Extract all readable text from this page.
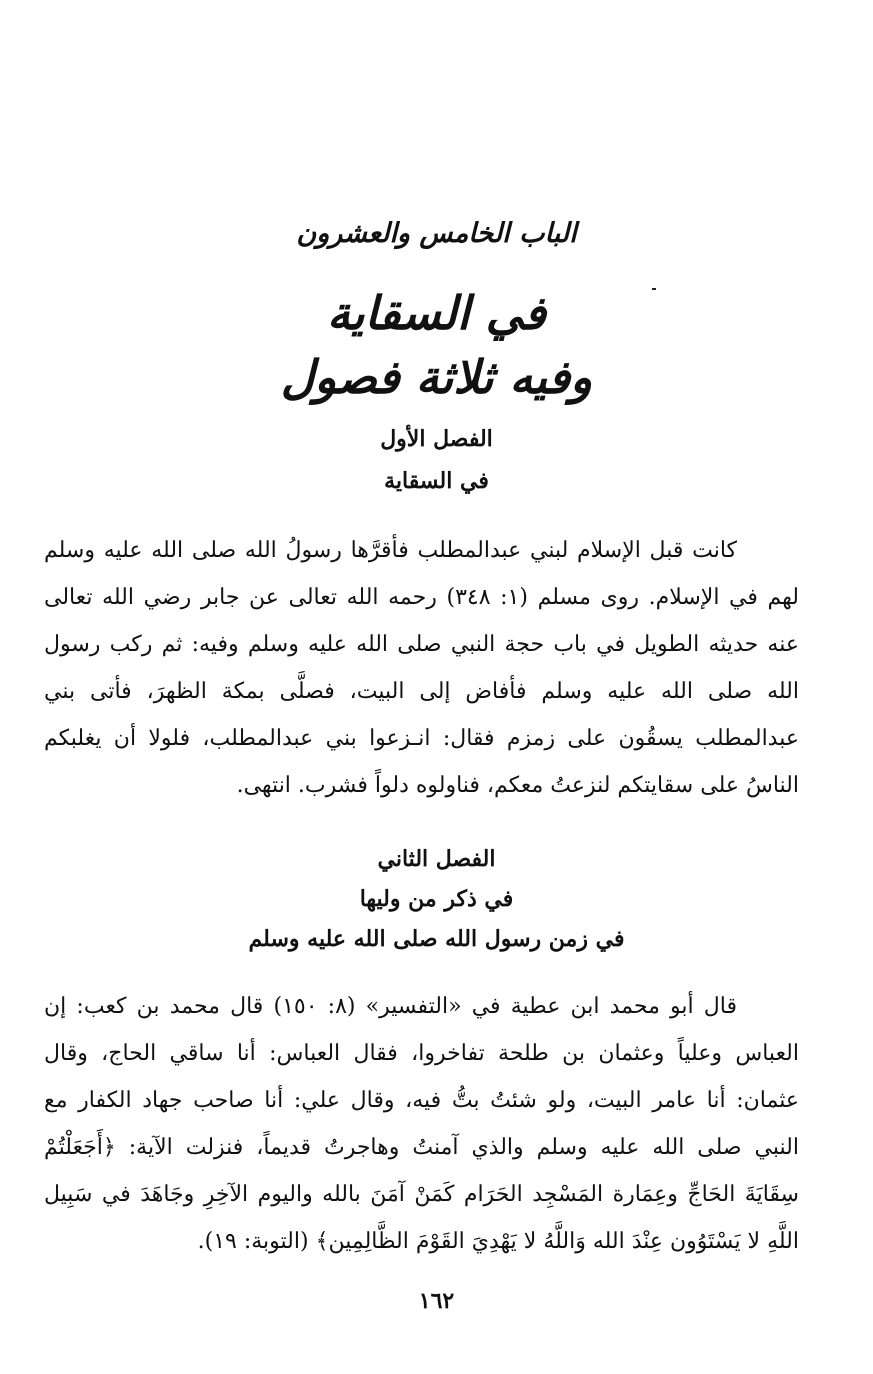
الباب الخامس والعشرون
في السقاية
وفيه ثلاثة فصول
الفصل الأول
في السقاية
كانت قبل الإسلام لبني عبدالمطلب فأقرَّها رسولُ الله صلى الله عليه وسلم
لهم في الإسلام. روى مسلم (١: ٣٤٨) رحمه الله تعالى عن جابر رضي الله تعالى
عنه حديثه الطويل في باب حجة النبي صلى الله عليه وسلم وفيه: ثم ركب رسول
الله صلى الله عليه وسلم فأفاض إلى البيت، فصلَّى بمكة الظهرَ، فأتى بني
عبدالمطلب يسقُون على زمزم فقال: انـزعوا بني عبدالمطلب، فلولا أن يغلبكم
الناسُ على سقايتكم لنزعتُ معكم، فناولوه دلواً فشرب. انتهى.
الفصل الثاني
في ذكر من وليها
في زمن رسول الله صلى الله عليه وسلم
قال أبو محمد ابن عطية في «التفسير» (٨: ١٥٠) قال محمد بن كعب: إن
العباس وعلياً وعثمان بن طلحة تفاخروا، فقال العباس: أنا ساقي الحاج، وقال
عثمان: أنا عامر البيت، ولو شئتُ بتُّ فيه، وقال علي: أنا صاحب جهاد الكفار مع
النبي صلى الله عليه وسلم والذي آمنتُ وهاجرتُ قديماً، فنزلت الآية: ﴿أَجَعَلْتُمْ
سِقَايَةَ الحَاجِّ وعِمَارة المَسْجِد الحَرَام كَمَنْ آمَنَ بالله واليوم الآخِرِ وجَاهَدَ في سَبِيل
اللَّهِ لا يَسْتَوُون عِنْدَ الله وَاللَّهُ لا يَهْدِيَ القَوْمَ الظَّالِمِين﴾ (التوبة: ١٩).
١٦٢
